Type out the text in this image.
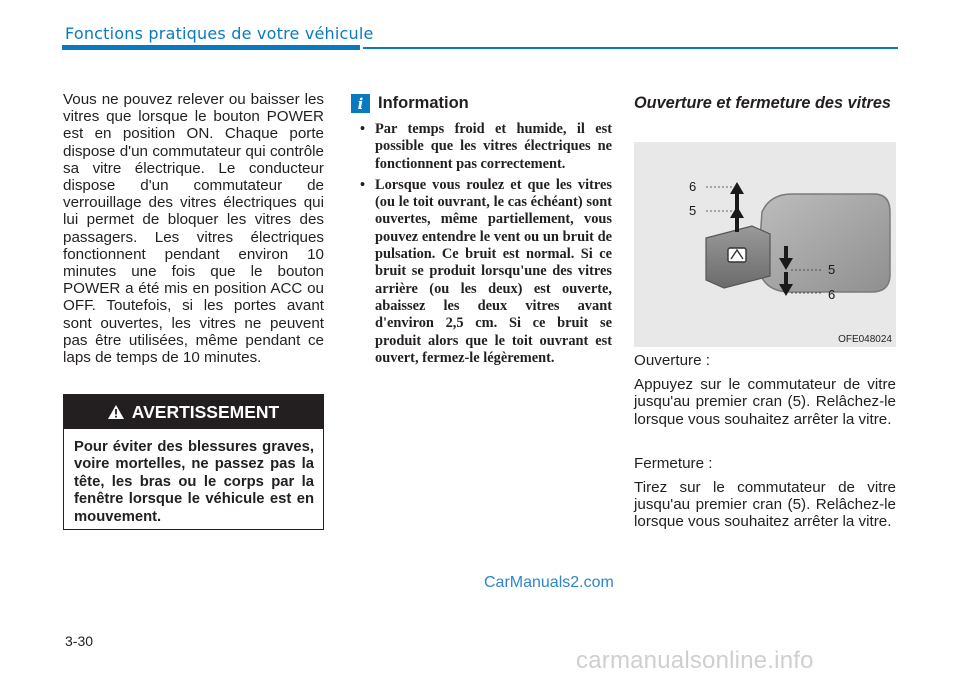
Fonctions pratiques de votre véhicule
Vous ne pouvez relever ou baisser les vitres que lorsque le bouton POWER est en position ON. Chaque porte dispose d'un commutateur qui contrôle sa vitre électrique. Le conducteur dispose d'un commutateur de verrouillage des vitres électriques qui lui permet de bloquer les vitres des passagers. Les vitres électriques fonctionnent pendant environ 10 minutes une fois que le bouton POWER a été mis en position ACC ou OFF. Toutefois, si les portes avant sont ouvertes, les vitres ne peuvent pas être utilisées, même pendant ce laps de temps de 10 minutes.
AVERTISSEMENT
Pour éviter des blessures graves, voire mortelles, ne passez pas la tête, les bras ou le corps par la fenêtre lorsque le véhicule est en mouvement.
i Information
• Par temps froid et humide, il est possible que les vitres électriques ne fonctionnent pas correctement.
• Lorsque vous roulez et que les vitres (ou le toit ouvrant, le cas échéant) sont ouvertes, même partiellement, vous pouvez entendre le vent ou un bruit de pulsation. Ce bruit est normal. Si ce bruit se produit lorsqu'une des vitres arrière (ou les deux) est ouverte, abaissez les deux vitres avant d'environ 2,5 cm. Si ce bruit se produit alors que le toit ouvrant est ouvert, fermez-le légèrement.
Ouverture et fermeture des vitres
6
5
5
6
OFE048024

Ouverture :

Appuyez sur le commutateur de vitre jusqu'au premier cran (5). Relâchez-le lorsque vous souhaitez arrêter la vitre.

Fermeture :

Tirez sur le commutateur de vitre jusqu'au premier cran (5). Relâchez-le lorsque vous souhaitez arrêter la vitre.

CarManuals2.com
3-30
carmanualsonline.info
